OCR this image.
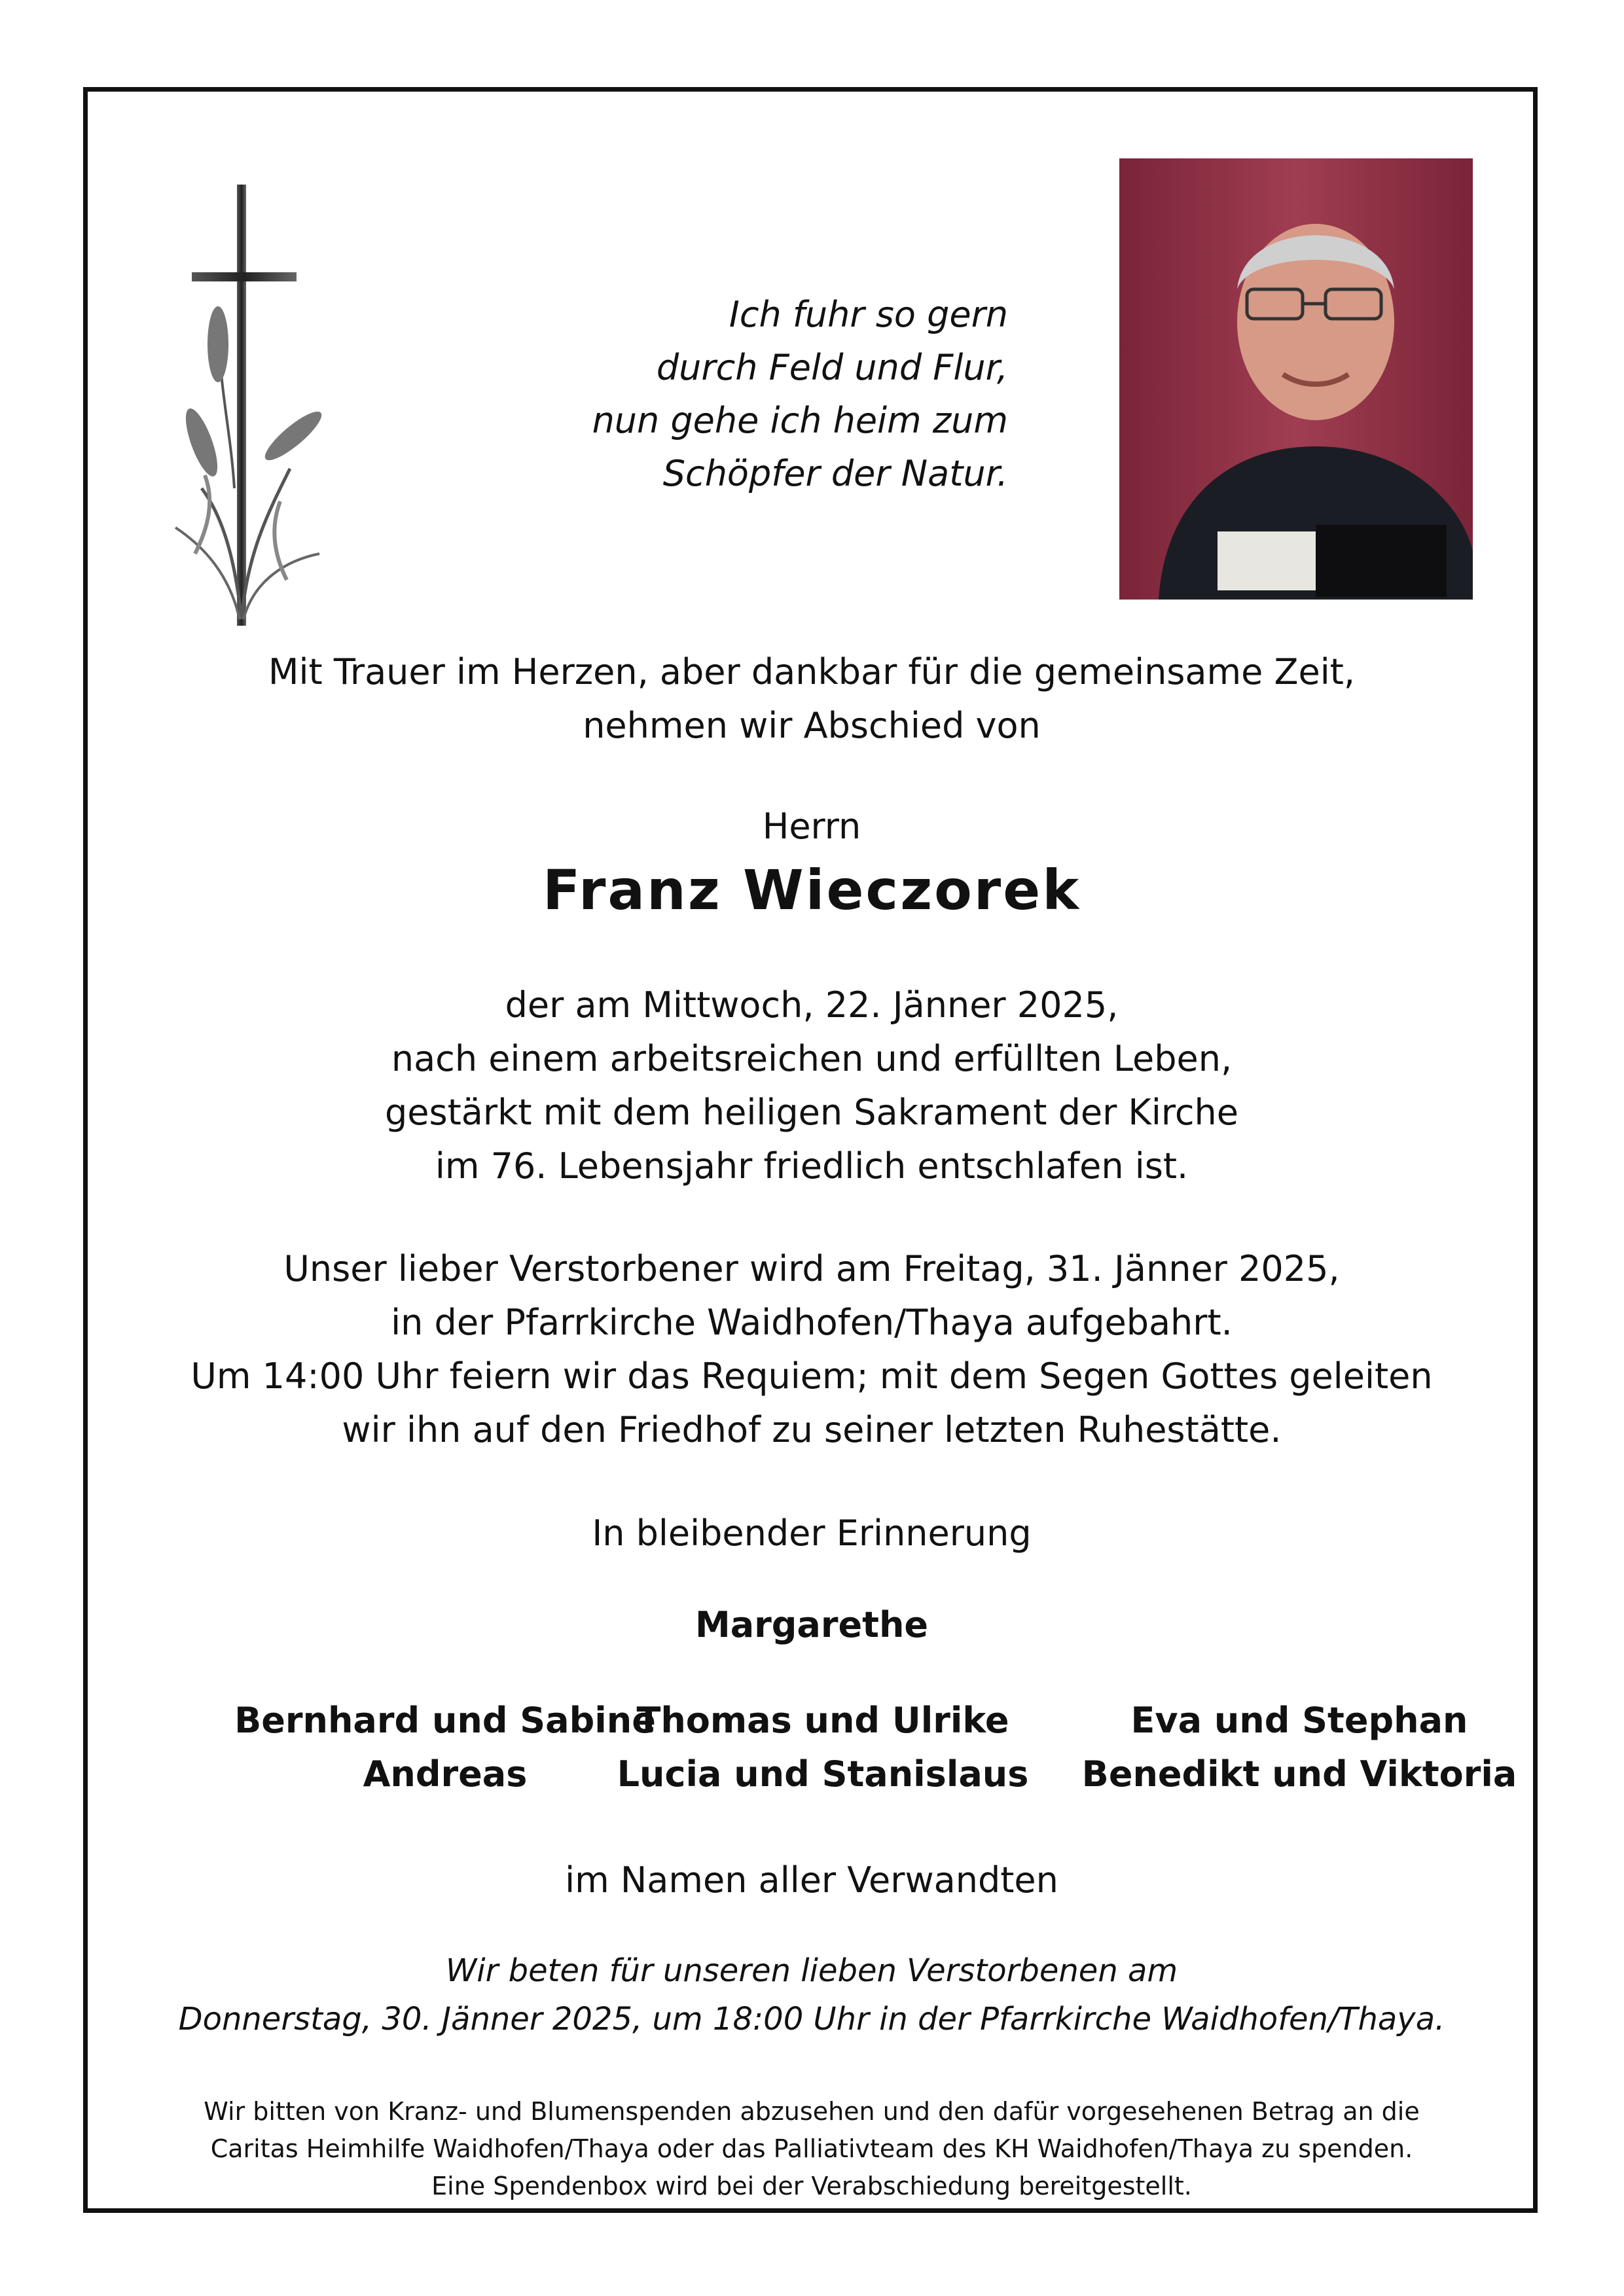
Ich fuhr so gern
durch Feld und Flur,
nun gehe ich heim zum
Schöpfer der Natur.
Mit Trauer im Herzen, aber dankbar für die gemeinsame Zeit,
nehmen wir Abschied von
Herrn
Franz Wieczorek
der am Mittwoch, 22. Jänner 2025,
nach einem arbeitsreichen und erfüllten Leben,
gestärkt mit dem heiligen Sakrament der Kirche
im 76. Lebensjahr friedlich entschlafen ist.
Unser lieber Verstorbener wird am Freitag, 31. Jänner 2025,
in der Pfarrkirche Waidhofen/Thaya aufgebahrt.
Um 14:00 Uhr feiern wir das Requiem; mit dem Segen Gottes geleiten
wir ihn auf den Friedhof zu seiner letzten Ruhestätte.
In bleibender Erinnerung
Margarethe
Bernhard und Sabine
Andreas
Thomas und Ulrike
Lucia und Stanislaus
Eva und Stephan
Benedikt und Viktoria
im Namen aller Verwandten
Wir beten für unseren lieben Verstorbenen am
Donnerstag, 30. Jänner 2025, um 18:00 Uhr in der Pfarrkirche Waidhofen/Thaya.
Wir bitten von Kranz- und Blumenspenden abzusehen und den dafür vorgesehenen Betrag an die
Caritas Heimhilfe Waidhofen/Thaya oder das Palliativteam des KH Waidhofen/Thaya zu spenden.
Eine Spendenbox wird bei der Verabschiedung bereitgestellt.
